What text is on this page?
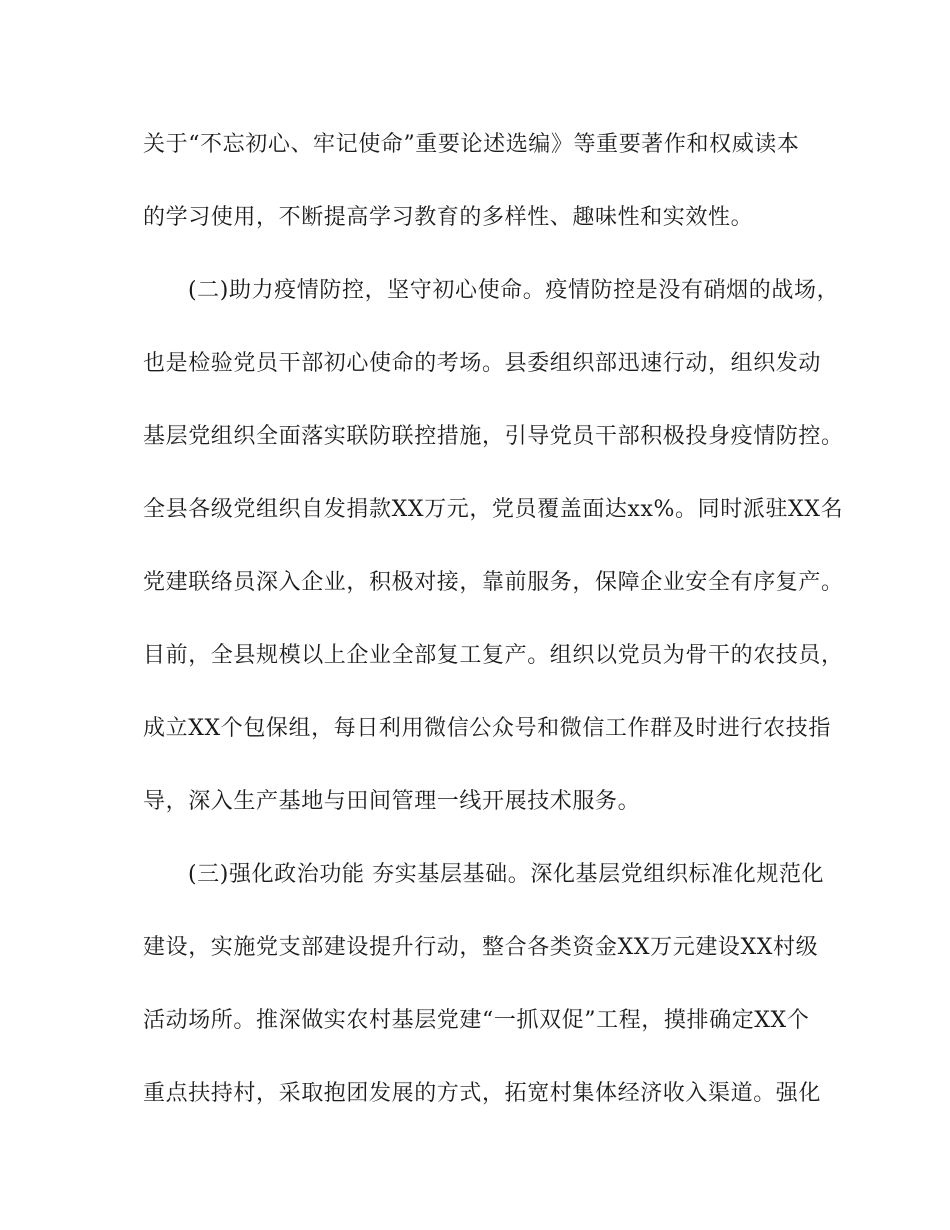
关于“不忘初心、牢记使命”重要论述选编》等重要著作和权威读本
的学习使用，不断提高学习教育的多样性、趣味性和实效性。
(二)助力疫情防控，坚守初心使命。疫情防控是没有硝烟的战场，
也是检验党员干部初心使命的考场。县委组织部迅速行动，组织发动
基层党组织全面落实联防联控措施，引导党员干部积极投身疫情防控。
全县各级党组织自发捐款XX万元，党员覆盖面达xx%。同时派驻XX名
党建联络员深入企业，积极对接，靠前服务，保障企业安全有序复产。
目前，全县规模以上企业全部复工复产。组织以党员为骨干的农技员，
成立XX个包保组，每日利用微信公众号和微信工作群及时进行农技指
导，深入生产基地与田间管理一线开展技术服务。
(三)强化政治功能 夯实基层基础。深化基层党组织标准化规范化
建设，实施党支部建设提升行动，整合各类资金XX万元建设XX村级
活动场所。推深做实农村基层党建“一抓双促”工程，摸排确定XX个
重点扶持村，采取抱团发展的方式，拓宽村集体经济收入渠道。强化
